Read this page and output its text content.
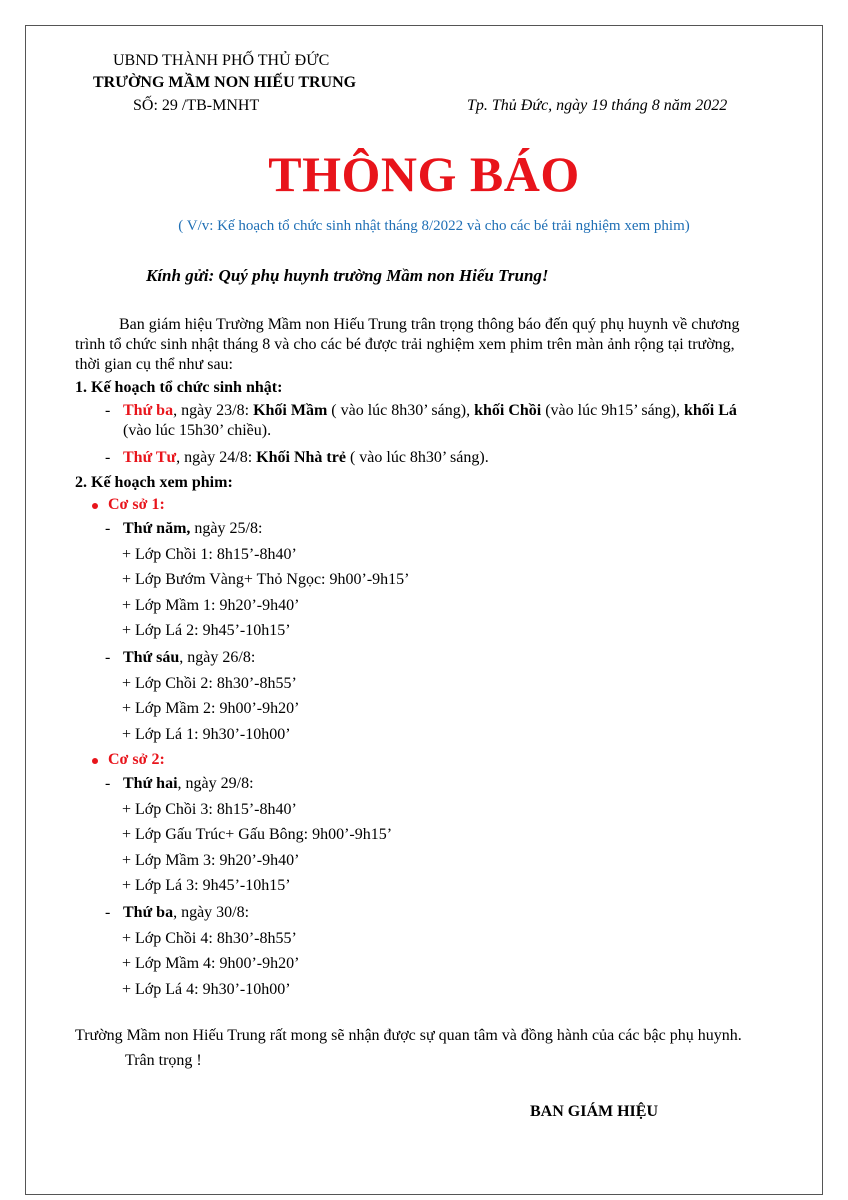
UBND THÀNH PHỐ THỦ ĐỨC
TRƯỜNG MẦM NON HIẾU TRUNG
SỐ: 29 /TB-MNHT	Tp. Thủ Đức, ngày 19 tháng 8 năm 2022
THÔNG BÁO
( V/v: Kế hoạch tổ chức sinh nhật tháng 8/2022 và cho các bé trải nghiệm xem phim)
Kính gửi: Quý phụ huynh trường Mầm non Hiếu Trung!
Ban giám hiệu Trường Mầm non Hiếu Trung trân trọng thông báo đến quý phụ huynh về chương
trình tổ chức sinh nhật tháng 8 và cho các bé được trải nghiệm xem phim trên màn ảnh rộng tại trường,
thời gian cụ thể như sau:
1. Kế hoạch tổ chức sinh nhật:
- Thứ ba, ngày 23/8: Khối Mầm ( vào lúc 8h30’ sáng), khối Chồi (vào lúc 9h15’ sáng), khối Lá
(vào lúc 15h30’ chiều).
- Thứ Tư, ngày 24/8: Khối Nhà trẻ ( vào lúc 8h30’ sáng).
2. Kế hoạch xem phim:
Cơ sở 1:
- Thứ năm, ngày 25/8:
+ Lớp Chồi 1: 8h15’-8h40’
+ Lớp Bướm Vàng+ Thỏ Ngọc: 9h00’-9h15’
+ Lớp Mầm 1: 9h20’-9h40’
+ Lớp Lá 2: 9h45’-10h15’
- Thứ sáu, ngày 26/8:
+ Lớp Chồi 2: 8h30’-8h55’
+ Lớp Mầm 2: 9h00’-9h20’
+ Lớp Lá 1: 9h30’-10h00’
Cơ sở 2:
- Thứ hai, ngày 29/8:
+ Lớp Chồi 3: 8h15’-8h40’
+ Lớp Gấu Trúc+ Gấu Bông: 9h00’-9h15’
+ Lớp Mầm 3: 9h20’-9h40’
+ Lớp Lá 3: 9h45’-10h15’
- Thứ ba, ngày 30/8:
+ Lớp Chồi 4: 8h30’-8h55’
+ Lớp Mầm 4: 9h00’-9h20’
+ Lớp Lá 4: 9h30’-10h00’
Trường Mầm non Hiếu Trung rất mong sẽ nhận được sự quan tâm và đồng hành của các bậc phụ huynh.
Trân trọng !
BAN GIÁM HIỆU
